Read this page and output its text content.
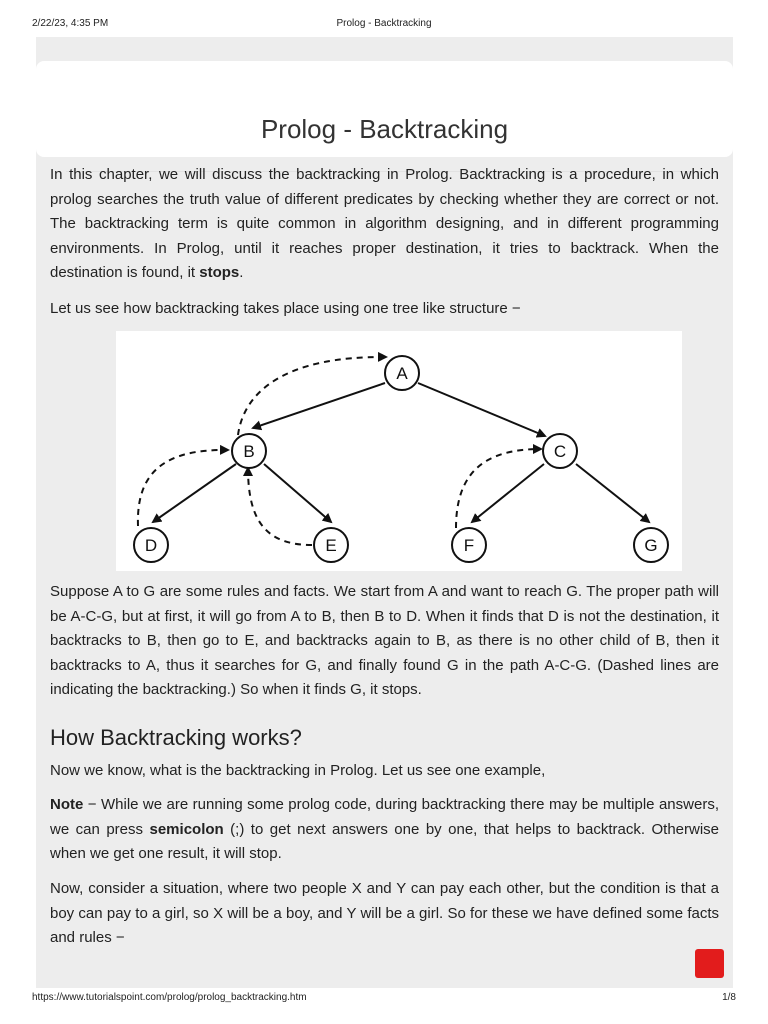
2/22/23, 4:35 PM	Prolog - Backtracking
Prolog - Backtracking

In this chapter, we will discuss the backtracking in Prolog. Backtracking is a procedure, in which prolog searches the truth value of different predicates by checking whether they are correct or not. The backtracking term is quite common in algorithm designing, and in different programming environments. In Prolog, until it reaches proper destination, it tries to backtrack. When the destination is found, it stops.

Let us see how backtracking takes place using one tree like structure −

A
B	C
D	E	F	G

Suppose A to G are some rules and facts. We start from A and want to reach G. The proper path will be A-C-G, but at first, it will go from A to B, then B to D. When it finds that D is not the destination, it backtracks to B, then go to E, and backtracks again to B, as there is no other child of B, then it backtracks to A, thus it searches for G, and finally found G in the path A-C-G. (Dashed lines are indicating the backtracking.) So when it finds G, it stops.

How Backtracking works?

Now we know, what is the backtracking in Prolog. Let us see one example,

Note − While we are running some prolog code, during backtracking there may be multiple answers, we can press semicolon (;) to get next answers one by one, that helps to backtrack. Otherwise when we get one result, it will stop.

Now, consider a situation, where two people X and Y can pay each other, but the condition is that a boy can pay to a girl, so X will be a boy, and Y will be a girl. So for these we have defined some facts and rules −

https://www.tutorialspoint.com/prolog/prolog_backtracking.htm	1/8
